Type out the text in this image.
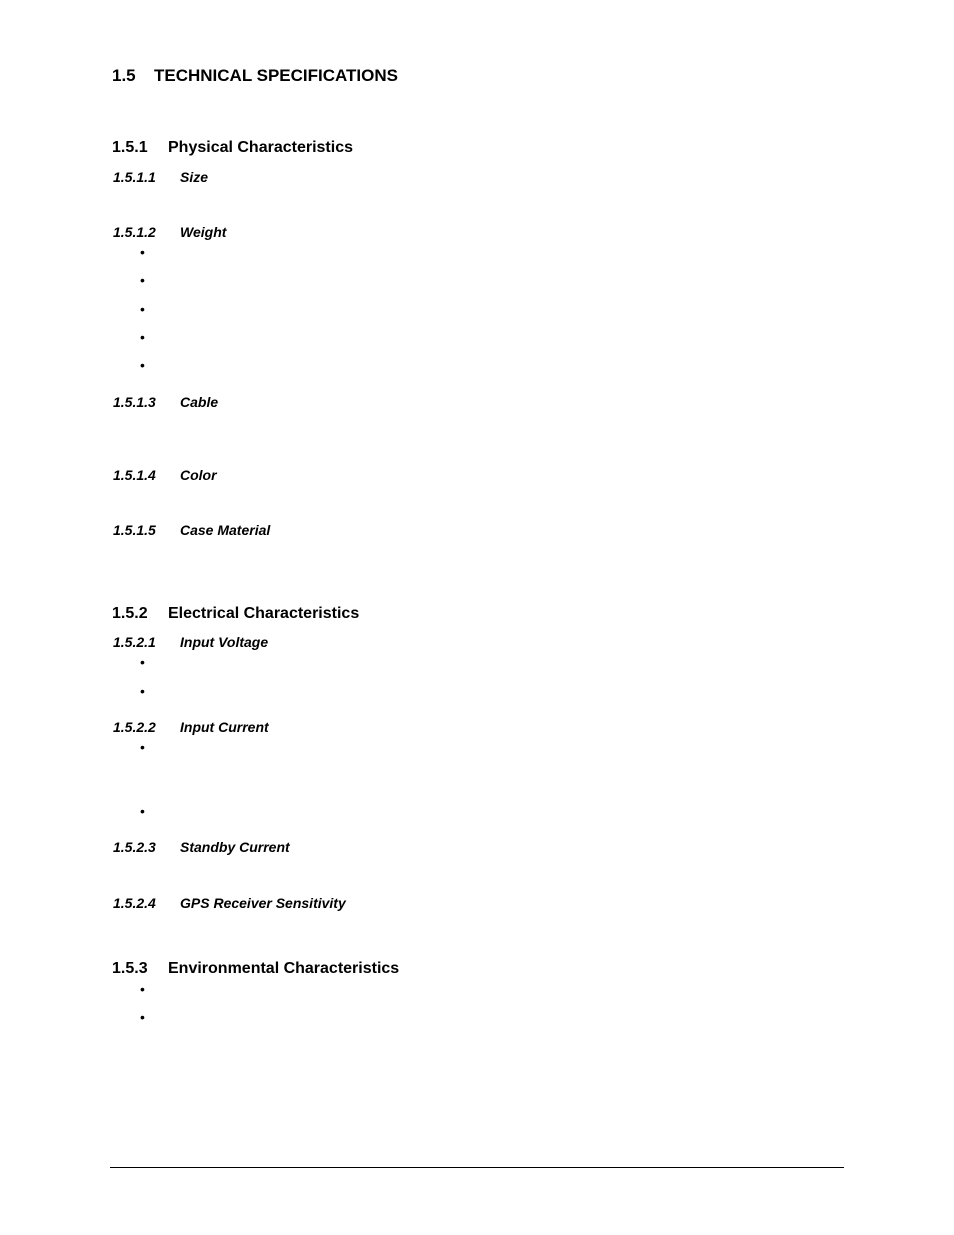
1.5 TECHNICAL SPECIFICATIONS
1.5.1 Physical Characteristics
1.5.1.1 Size
1.5.1.2 Weight
•
•
•
•
•
1.5.1.3 Cable
1.5.1.4 Color
1.5.1.5 Case Material
1.5.2 Electrical Characteristics
1.5.2.1 Input Voltage
•
•
1.5.2.2 Input Current
•
•
1.5.2.3 Standby Current
1.5.2.4 GPS Receiver Sensitivity
1.5.3 Environmental Characteristics
•
•
